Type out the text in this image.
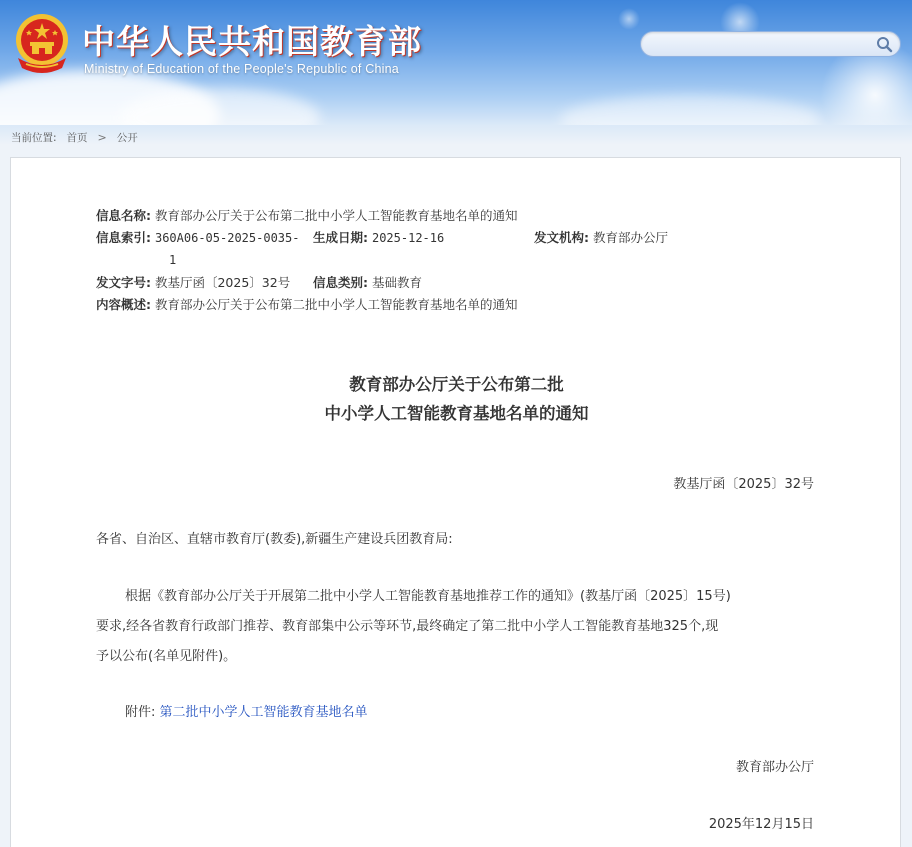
中华人民共和国教育部
Ministry of Education of the People's Republic of China
当前位置: 首页 > 公开
信息名称: 教育部办公厅关于公布第二批中小学人工智能教育基地名单的通知
信息索引: 360A06-05-2025-0035-
1
生成日期: 2025-12-16	发文机构: 教育部办公厅
发文字号: 教基厅函〔2025〕32号 信息类别: 基础教育
内容概述: 教育部办公厅关于公布第二批中小学人工智能教育基地名单的通知
教育部办公厅关于公布第二批
中小学人工智能教育基地名单的通知
教基厅函〔2025〕32号
各省、自治区、直辖市教育厅(教委),新疆生产建设兵团教育局:
根据《教育部办公厅关于开展第二批中小学人工智能教育基地推荐工作的通知》(教基厅函〔2025〕15号)
要求,经各省教育行政部门推荐、教育部集中公示等环节,最终确定了第二批中小学人工智能教育基地325个,现
予以公布(名单见附件)。
附件: 第二批中小学人工智能教育基地名单
教育部办公厅
2025年12月15日
